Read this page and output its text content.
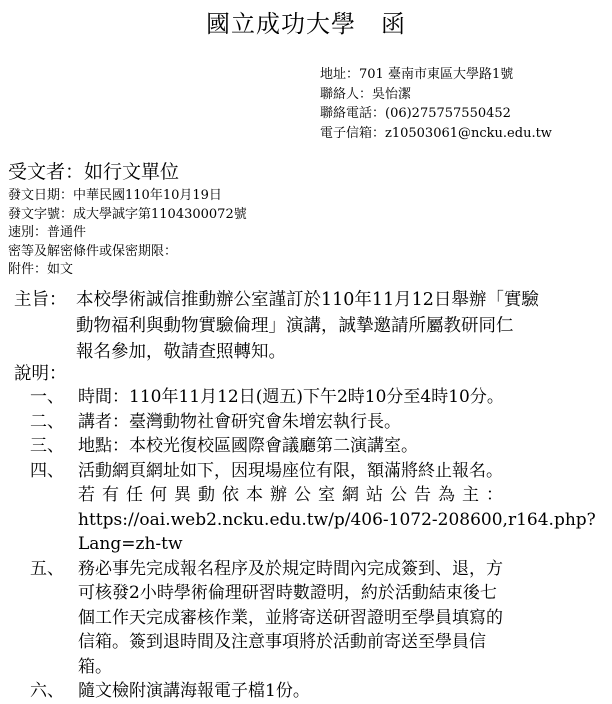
國立成功大學　函
地址：701 臺南市東區大學路1號
聯絡人：吳怡潔
聯絡電話：(06)275757550452
電子信箱：z10503061@ncku.edu.tw
受文者：如行文單位
發文日期：中華民國110年10月19日
發文字號：成大學誠字第1104300072號
速別：普通件
密等及解密條件或保密期限：
附件：如文
主旨： 本校學術誠信推動辦公室謹訂於110年11月12日舉辦「實驗
動物福利與動物實驗倫理」演講，誠摯邀請所屬教研同仁
報名參加，敬請查照轉知。
說明：
一、 時間：110年11月12日(週五)下午2時10分至4時10分。
二、 講者：臺灣動物社會研究會朱增宏執行長。
三、 地點：本校光復校區國際會議廳第二演講室。
四、 活動網頁網址如下，因現場座位有限，額滿將終止報名。
若有任何異動依本辦公室網站公告為主：
https://oai.web2.ncku.edu.tw/p/406-1072-208600,r164.php?
Lang=zh-tw
五、 務必事先完成報名程序及於規定時間內完成簽到、退，方
可核發2小時學術倫理研習時數證明，約於活動結束後七
個工作天完成審核作業，並將寄送研習證明至學員填寫的
信箱。簽到退時間及注意事項將於活動前寄送至學員信
箱。
六、 隨文檢附演講海報電子檔1份。
